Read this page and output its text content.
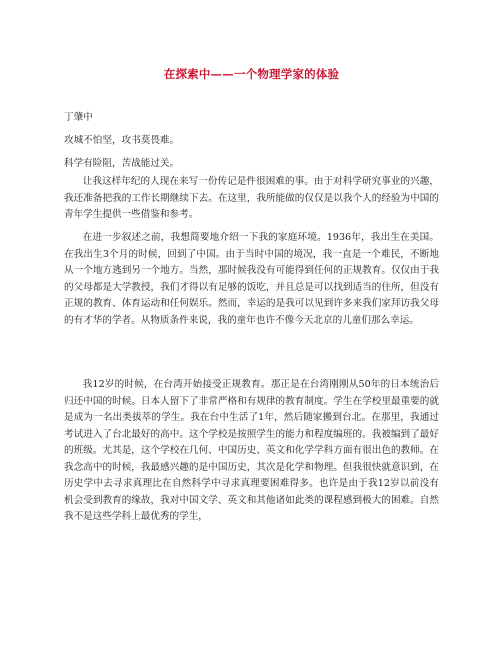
在探索中——一个物理学家的体验
丁肇中
攻城不怕坚，攻书莫畏难。
科学有险阻，苦战能过关。

让我这样年纪的人现在来写一份传记是件很困难的事。由于对科学研究事业的兴趣，我还准备把我的工作长期继续下去。在这里，我所能做的仅仅是以我个人的经验为中国的青年学生提供一些借鉴和参考。

在进一步叙述之前，我想简要地介绍一下我的家庭环境。1936年，我出生在美国。在我出生3个月的时候，回到了中国。由于当时中国的境况，我一直是一个难民，不断地从一个地方逃到另一个地方。当然，那时候我没有可能得到任何的正规教育。仅仅由于我的父母都是大学教授，我们才得以有足够的饭吃，并且总是可以找到适当的住所，但没有正规的教育、体育运动和任何娱乐。然而，幸运的是我可以见到许多来我们家拜访我父母的有才华的学者。从物质条件来说，我的童年也许不像今天北京的儿童们那么幸运。

我12岁的时候，在台湾开始接受正规教育。那正是在台湾刚刚从50年的日本统治后归还中国的时候。日本人留下了非常严格和有规律的教育制度。学生在学校里最重要的就是成为一名出类拔萃的学生。我在台中生活了1年，然后随家搬到台北。在那里，我通过考试进入了台北最好的高中。这个学校是按照学生的能力和程度编班的。我被编到了最好的班级。尤其是，这个学校在几何、中国历史、英文和化学学科方面有很出色的教师。在我念高中的时候，我最感兴趣的是中国历史，其次是化学和物理。但我很快就意识到，在历史学中去寻求真理比在自然科学中寻求真理要困难得多。也许是由于我12岁以前没有机会受到教育的缘故，我对中国文学、英文和其他诸如此类的课程感到极大的困难。自然我不是这些学科上最优秀的学生，
